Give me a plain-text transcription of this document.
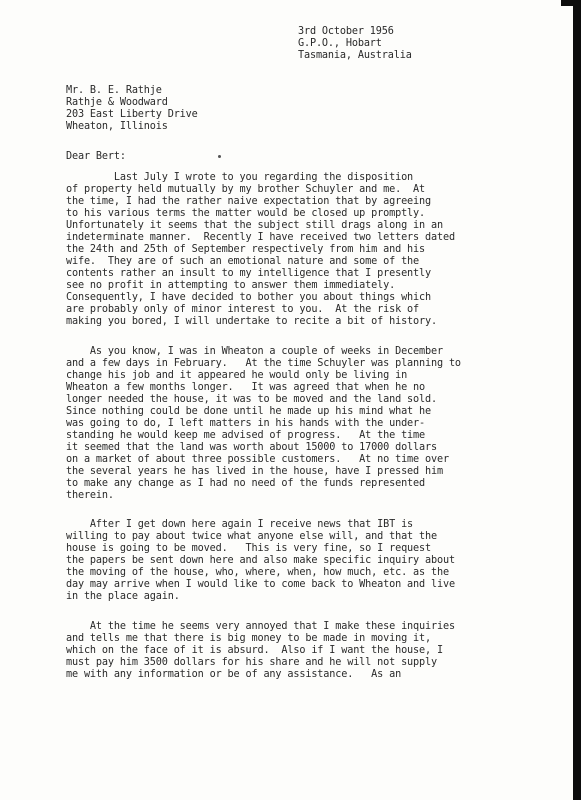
3rd October 1956
G.P.O., Hobart
Tasmania, Australia
Mr. B. E. Rathje
Rathje & Woodward
203 East Liberty Drive
Wheaton, Illinois
Dear Bert:
Last July I wrote to you regarding the disposition
of property held mutually by my brother Schuyler and me.  At
the time, I had the rather naive expectation that by agreeing
to his various terms the matter would be closed up promptly.
Unfortunately it seems that the subject still drags along in an
indeterminate manner.  Recently I have received two letters dated
the 24th and 25th of September respectively from him and his
wife.  They are of such an emotional nature and some of the
contents rather an insult to my intelligence that I presently
see no profit in attempting to answer them immediately.
Consequently, I have decided to bother you about things which
are probably only of minor interest to you.  At the risk of
making you bored, I will undertake to recite a bit of history.
As you know, I was in Wheaton a couple of weeks in December
and a few days in February.   At the time Schuyler was planning to
change his job and it appeared he would only be living in
Wheaton a few months longer.   It was agreed that when he no
longer needed the house, it was to be moved and the land sold.
Since nothing could be done until he made up his mind what he
was going to do, I left matters in his hands with the under-
standing he would keep me advised of progress.   At the time
it seemed that the land was worth about 15000 to 17000 dollars
on a market of about three possible customers.   At no time over
the several years he has lived in the house, have I pressed him
to make any change as I had no need of the funds represented
therein.
After I get down here again I receive news that IBT is
willing to pay about twice what anyone else will, and that the
house is going to be moved.   This is very fine, so I request
the papers be sent down here and also make specific inquiry about
the moving of the house, who, where, when, how much, etc. as the
day may arrive when I would like to come back to Wheaton and live
in the place again.
At the time he seems very annoyed that I make these inquiries
and tells me that there is big money to be made in moving it,
which on the face of it is absurd.  Also if I want the house, I
must pay him 3500 dollars for his share and he will not supply
me with any information or be of any assistance.   As an
